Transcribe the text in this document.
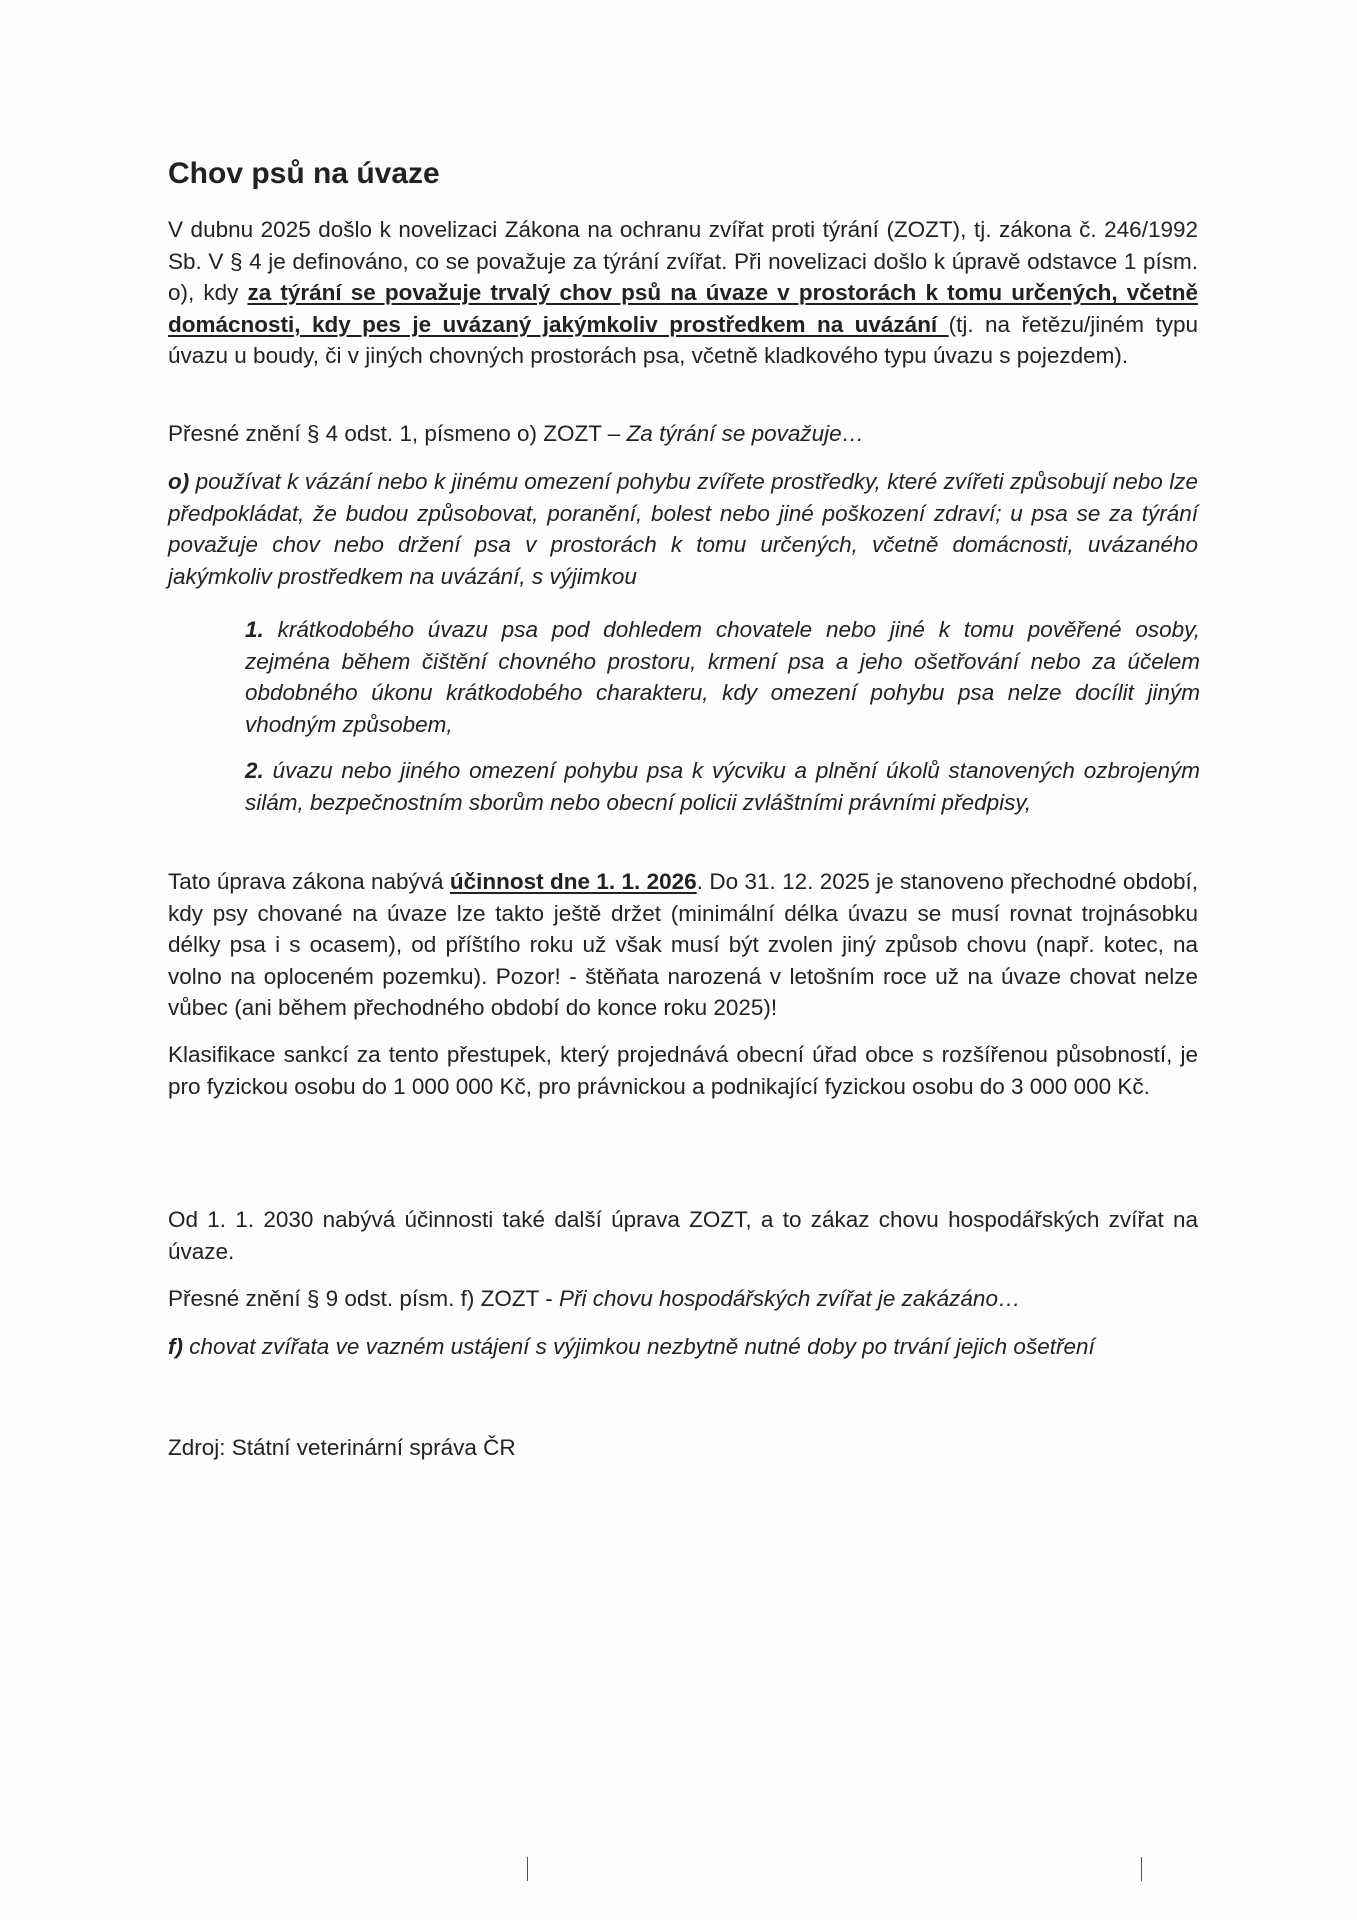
Chov psů na úvaze

V dubnu 2025 došlo k novelizaci Zákona na ochranu zvířat proti týrání (ZOZT), tj. zákona č. 246/1992 Sb. V § 4 je definováno, co se považuje za týrání zvířat. Při novelizaci došlo k úpravě odstavce 1 písm. o), kdy za týrání se považuje trvalý chov psů na úvaze v prostorách k tomu určených, včetně domácnosti, kdy pes je uvázaný jakýmkoliv prostředkem na uvázání (tj. na řetězu/jiném typu úvazu u boudy, či v jiných chovných prostorách psa, včetně kladkového typu úvazu s pojezdem).

Přesné znění § 4 odst. 1, písmeno o) ZOZT – Za týrání se považuje…

o) používat k vázání nebo k jinému omezení pohybu zvířete prostředky, které zvířeti způsobují nebo lze předpokládat, že budou způsobovat, poranění, bolest nebo jiné poškození zdraví; u psa se za týrání považuje chov nebo držení psa v prostorách k tomu určených, včetně domácnosti, uvázaného jakýmkoliv prostředkem na uvázání, s výjimkou

1. krátkodobého úvazu psa pod dohledem chovatele nebo jiné k tomu pověřené osoby, zejména během čištění chovného prostoru, krmení psa a jeho ošetřování nebo za účelem obdobného úkonu krátkodobého charakteru, kdy omezení pohybu psa nelze docílit jiným vhodným způsobem,

2. úvazu nebo jiného omezení pohybu psa k výcviku a plnění úkolů stanovených ozbrojeným silám, bezpečnostním sborům nebo obecní policii zvláštními právními předpisy,

Tato úprava zákona nabývá účinnost dne 1. 1. 2026. Do 31. 12. 2025 je stanoveno přechodné období, kdy psy chované na úvaze lze takto ještě držet (minimální délka úvazu se musí rovnat trojnásobku délky psa i s ocasem), od příštího roku už však musí být zvolen jiný způsob chovu (např. kotec, na volno na oploceném pozemku). Pozor! - štěňata narozená v letošním roce už na úvaze chovat nelze vůbec (ani během přechodného období do konce roku 2025)!

Klasifikace sankcí za tento přestupek, který projednává obecní úřad obce s rozšířenou působností, je pro fyzickou osobu do 1 000 000 Kč, pro právnickou a podnikající fyzickou osobu do 3 000 000 Kč.

Od 1. 1. 2030 nabývá účinnosti také další úprava ZOZT, a to zákaz chovu hospodářských zvířat na úvaze.

Přesné znění § 9 odst. písm. f) ZOZT - Při chovu hospodářských zvířat je zakázáno…

f) chovat zvířata ve vazném ustájení s výjimkou nezbytně nutné doby po trvání jejich ošetření

Zdroj: Státní veterinární správa ČR
